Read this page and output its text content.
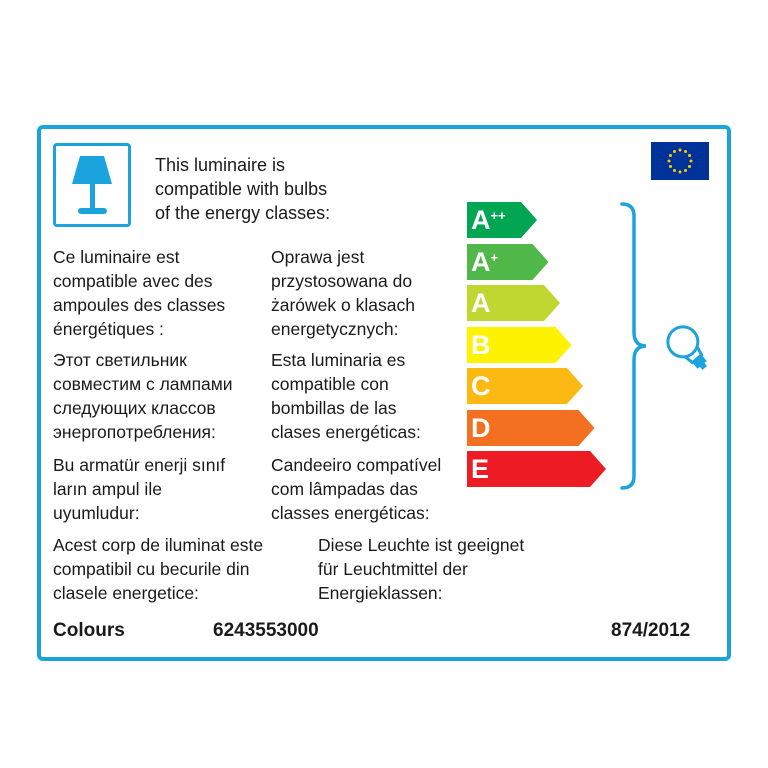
This luminaire is
compatible with bulbs
of the energy classes:
Ce luminaire est
compatible avec des
ampoules des classes
énergétiques :
Oprawa jest
przystosowana do
żarówek o klasach
energetycznych:
Этот светильник
совместим с лампами
следующих классов
энергопотребления:
Esta luminaria es
compatible con
bombillas de las
clases energéticas:
Bu armatür enerji sınıf
ların ampul ile
uyumludur:
Candeeiro compatível
com lâmpadas das
classes energéticas:
Acest corp de iluminat este
compatibil cu becurile din
clasele energetice:
Diese Leuchte ist geeignet
für Leuchtmittel der
Energieklassen:
A++
A+
A
B
C
D
E
Colours	6243553000	874/2012
